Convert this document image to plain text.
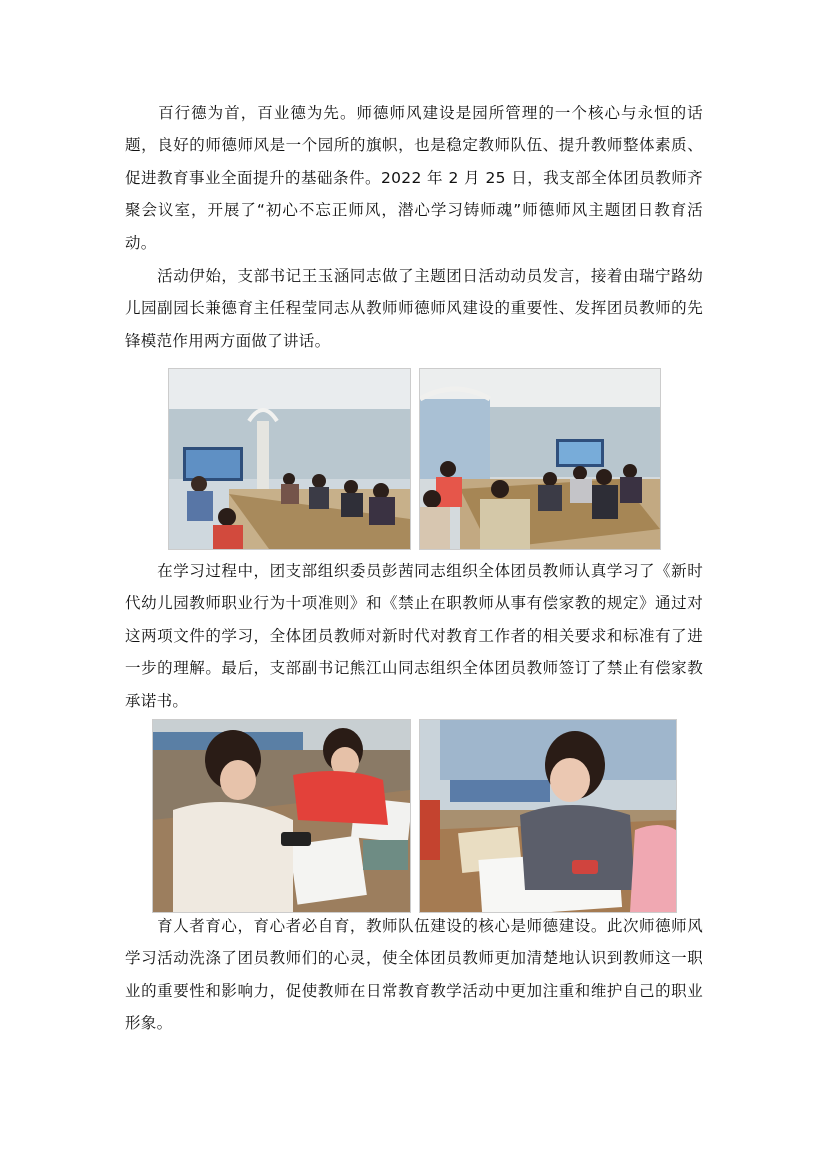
　　百行德为首，百业德为先。师德师风建设是园所管理的一个核心与永恒的话题，良好的师德师风是一个园所的旗帜，也是稳定教师队伍、提升教师整体素质、促进教育事业全面提升的基础条件。2022 年 2 月 25 日，我支部全体团员教师齐聚会议室，开展了“初心不忘正师风，潜心学习铸师魂”师德师风主题团日教育活动。

　　活动伊始，支部书记王玉涵同志做了主题团日活动动员发言，接着由瑞宁路幼儿园副园长兼德育主任程莹同志从教师师德师风建设的重要性、发挥团员教师的先锋模范作用两方面做了讲话。

　　在学习过程中，团支部组织委员彭茜同志组织全体团员教师认真学习了《新时代幼儿园教师职业行为十项准则》和《禁止在职教师从事有偿家教的规定》通过对这两项文件的学习，全体团员教师对新时代对教育工作者的相关要求和标准有了进一步的理解。最后，支部副书记熊江山同志组织全体团员教师签订了禁止有偿家教承诺书。

　　育人者育心，育心者必自育，教师队伍建设的核心是师德建设。此次师德师风学习活动洗涤了团员教师们的心灵，使全体团员教师更加清楚地认识到教师这一职业的重要性和影响力，促使教师在日常教育教学活动中更加注重和维护自己的职业形象。
